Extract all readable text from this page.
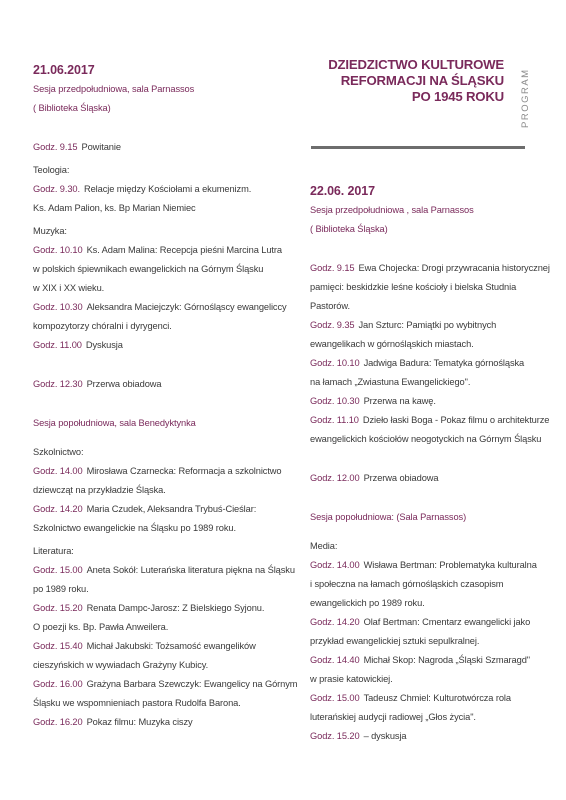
DZIEDZICTWO KULTUROWE
REFORMACJI NA ŚLĄSKU
PO 1945 ROKU PROGRAM
21.06.2017
Sesja przedpołudniowa, sala Parnassos
( Biblioteka Śląska)
Godz. 9.15 Powitanie
Teologia:
Godz. 9.30. Relacje między Kościołami a ekumenizm.
Ks. Adam Palion, ks. Bp Marian Niemiec
Muzyka:
Godz. 10.10 Ks. Adam Malina: Recepcja pieśni Marcina Lutra
w polskich śpiewnikach ewangelickich na Górnym Śląsku
w XIX i XX wieku.
Godz. 10.30 Aleksandra Maciejczyk: Górnośląscy ewangeliccy
kompozytorzy chóralni i dyrygenci.
Godz. 11.00 Dyskusja
Godz. 12.30 Przerwa obiadowa
Sesja popołudniowa, sala Benedyktynka
Szkolnictwo:
Godz. 14.00 Mirosława Czarnecka: Reformacja a szkolnictwo
dziewcząt na przykładzie Śląska.
Godz. 14.20 Maria Czudek, Aleksandra Trybuś-Cieślar:
Szkolnictwo ewangelickie na Śląsku po 1989 roku.
Literatura:
Godz. 15.00 Aneta Sokół: Luterańska literatura piękna na Śląsku
po 1989 roku.
Godz. 15.20 Renata Dampc-Jarosz: Z Bielskiego Syjonu.
O poezji ks. Bp. Pawła Anweilera.
Godz. 15.40 Michał Jakubski: Tożsamość ewangelików
cieszyńskich w wywiadach Grażyny Kubicy.
Godz. 16.00 Grażyna Barbara Szewczyk: Ewangelicy na Górnym
Śląsku we wspomnieniach pastora Rudolfa Barona.
Godz. 16.20 Pokaz filmu: Muzyka ciszy
22.06. 2017
Sesja przedpołudniowa , sala Parnassos
( Biblioteka Śląska)
Godz. 9.15 Ewa Chojecka: Drogi przywracania historycznej
pamięci: beskidzkie leśne kościoły i bielska Studnia
Pastorów.
Godz. 9.35 Jan Szturc: Pamiątki po wybitnych
ewangelikach w górnośląskich miastach.
Godz. 10.10 Jadwiga Badura: Tematyka górnośląska
na łamach „Zwiastuna Ewangelickiego".
Godz. 10.30 Przerwa na kawę.
Godz. 11.10 Dzieło łaski Boga - Pokaz filmu o architekturze
ewangelickich kościołów neogotyckich na Górnym Śląsku
Godz. 12.00 Przerwa obiadowa
Sesja popołudniowa: (Sala Parnassos)
Media:
Godz. 14.00 Wisława Bertman: Problematyka kulturalna
i społeczna na łamach górnośląskich czasopism
ewangelickich po 1989 roku.
Godz. 14.20 Olaf Bertman: Cmentarz ewangelicki jako
przykład ewangelickiej sztuki sepulkralnej.
Godz. 14.40 Michał Skop: Nagroda „Śląski Szmaragd"
w prasie katowickiej.
Godz. 15.00 Tadeusz Chmiel: Kulturotwórcza rola
luterańskiej audycji radiowej „Głos życia".
Godz. 15.20 – dyskusja
